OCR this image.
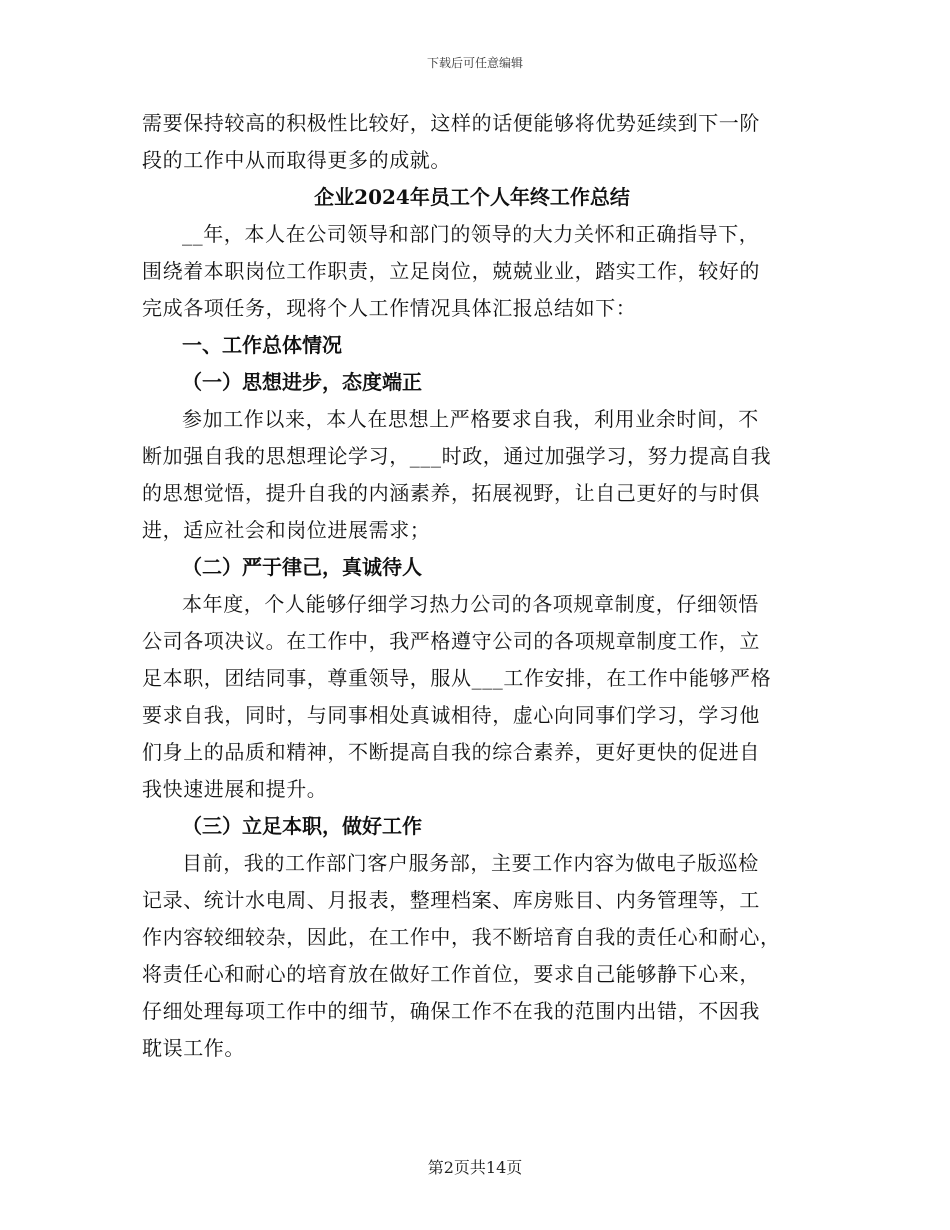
下载后可任意编辑
需要保持较高的积极性比较好，这样的话便能够将优势延续到下一阶
段的工作中从而取得更多的成就。
企业2024年员工个人年终工作总结
__年，本人在公司领导和部门的领导的大力关怀和正确指导下，
围绕着本职岗位工作职责，立足岗位，兢兢业业，踏实工作，较好的
完成各项任务，现将个人工作情况具体汇报总结如下：
一、工作总体情况
（一）思想进步，态度端正
参加工作以来，本人在思想上严格要求自我，利用业余时间，不
断加强自我的思想理论学习，___时政，通过加强学习，努力提高自我
的思想觉悟，提升自我的内涵素养，拓展视野，让自己更好的与时俱
进，适应社会和岗位进展需求；
（二）严于律己，真诚待人
本年度，个人能够仔细学习热力公司的各项规章制度，仔细领悟
公司各项决议。在工作中，我严格遵守公司的各项规章制度工作，立
足本职，团结同事，尊重领导，服从___工作安排，在工作中能够严格
要求自我，同时，与同事相处真诚相待，虚心向同事们学习，学习他
们身上的品质和精神，不断提高自我的综合素养，更好更快的促进自
我快速进展和提升。
（三）立足本职，做好工作
目前，我的工作部门客户服务部，主要工作内容为做电子版巡检
记录、统计水电周、月报表，整理档案、库房账目、内务管理等，工
作内容较细较杂，因此，在工作中，我不断培育自我的责任心和耐心，
将责任心和耐心的培育放在做好工作首位，要求自己能够静下心来，
仔细处理每项工作中的细节，确保工作不在我的范围内出错，不因我
耽误工作。
第2页共14页
